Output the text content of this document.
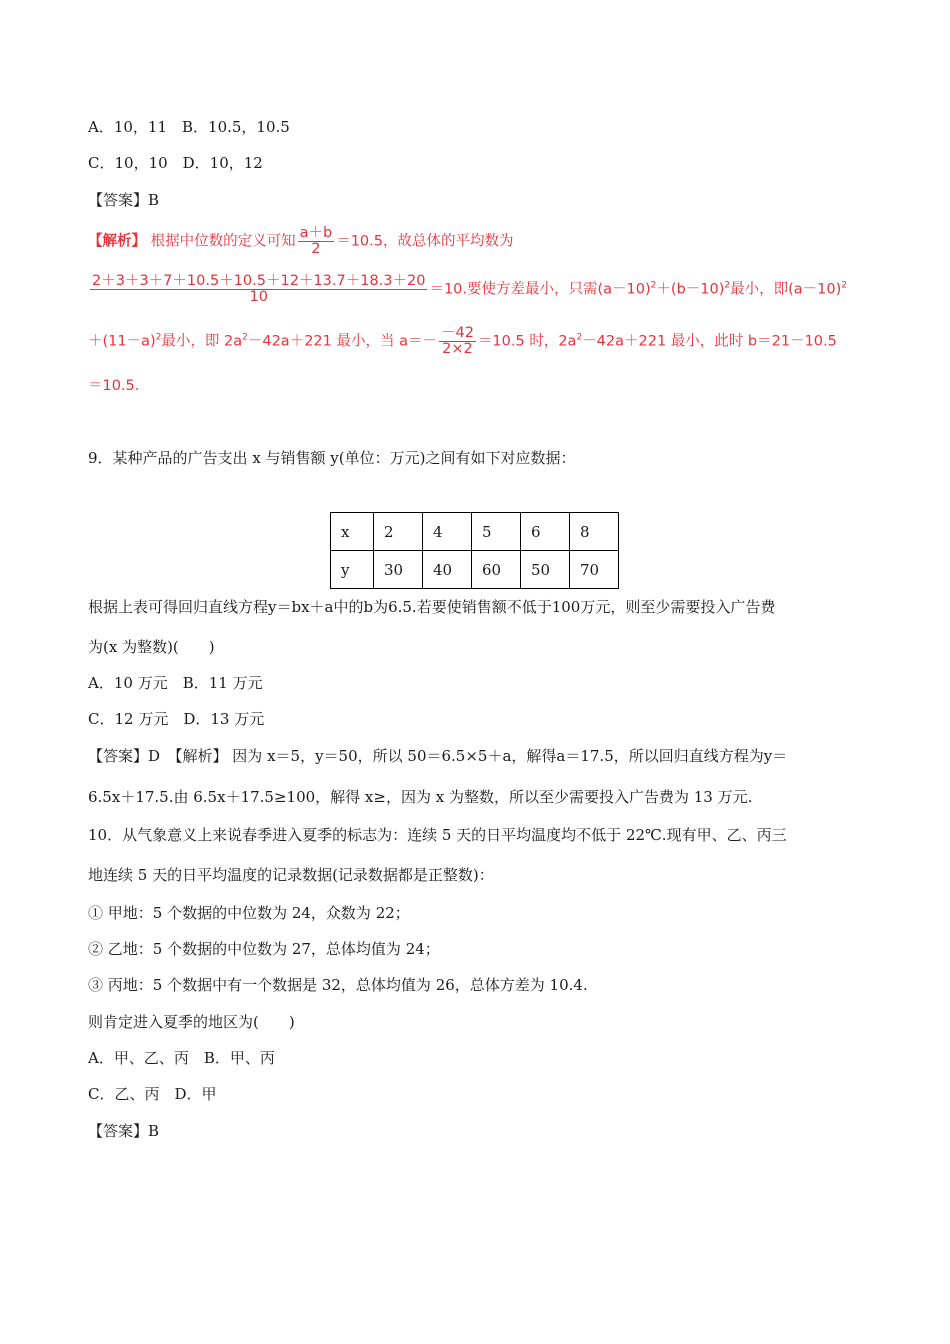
A．10，11　B．10.5，10.5
C．10，10　D．10，12
【答案】B
【解析】 根据中位数的定义可知 $\frac{a+b}{2} =10.5$，故总体的平均数为
$\frac{2+3+3+7+10.5+10.5+12+13.7+18.3+20}{10} =10$.要使方差最小，只需$(a-10)^2+(b-10)^2$最小，即$(a-10)^2$
$+(11-a)^2$最小，即 $2a^2-42a+221$ 最小，当 $a=- \frac{-42}{2\times 2} =10.5$ 时，$2a^2-42a+221$ 最小，此时 b＝21－10.5
＝10.5.
9．某种产品的广告支出 x 与销售额 y(单位：万元)之间有如下对应数据：
x	2	4	5	6	8
y	30	40	60	50	70
根据上表可得回归直线方程y＝bx＋a中的b为6.5.若要使销售额不低于100万元，则至少需要投入广告费
为(x 为整数)(　　)
A．10 万元　B．11 万元
C．12 万元　D．13 万元
【答案】D　【解析】 因为 x＝5，y＝50，所以 50＝6.5×5＋a，解得a＝17.5，所以回归直线方程为y＝
6.5x＋17.5.由 6.5x＋17.5≥100，解得 x≥，因为 x 为整数，所以至少需要投入广告费为 13 万元.
10．从气象意义上来说春季进入夏季的标志为：连续 5 天的日平均温度均不低于 22℃.现有甲、乙、丙三
地连续 5 天的日平均温度的记录数据(记录数据都是正整数)：
① 甲地：5 个数据的中位数为 24，众数为 22；
② 乙地：5 个数据的中位数为 27，总体均值为 24；
③ 丙地：5 个数据中有一个数据是 32，总体均值为 26，总体方差为 10.4.
则肯定进入夏季的地区为(　　)
A．甲、乙、丙　B．甲、丙
C．乙、丙　D．甲
【答案】B
